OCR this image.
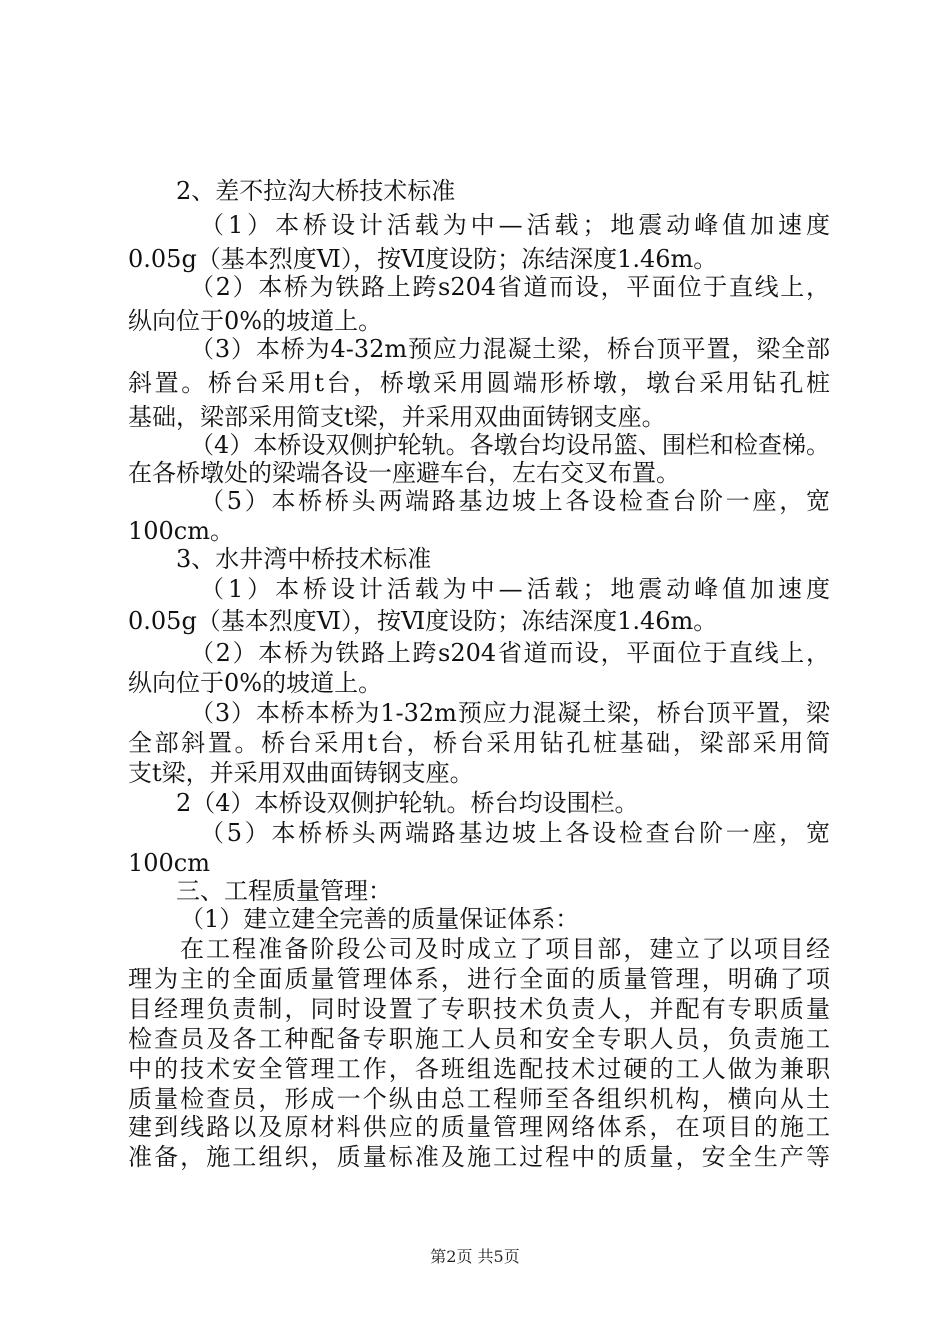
2、差不拉沟大桥技术标准
（1）本桥设计活载为中—活载；地震动峰值加速度
0.05g（基本烈度Ⅵ），按Ⅵ度设防；冻结深度1.46m。
（2）本桥为铁路上跨s204省道而设，平面位于直线上，
纵向位于0%的坡道上。
（3）本桥为4-32m预应力混凝土梁，桥台顶平置，梁全部
斜置。桥台采用t台，桥墩采用圆端形桥墩，墩台采用钻孔桩
基础，梁部采用简支t梁，并采用双曲面铸钢支座。
（4）本桥设双侧护轮轨。各墩台均设吊篮、围栏和检查梯。
在各桥墩处的梁端各设一座避车台，左右交叉布置。
（5）本桥桥头两端路基边坡上各设检查台阶一座，宽
100cm。
3、水井湾中桥技术标准
（1）本桥设计活载为中—活载；地震动峰值加速度
0.05g（基本烈度Ⅵ），按Ⅵ度设防；冻结深度1.46m。
（2）本桥为铁路上跨s204省道而设，平面位于直线上，
纵向位于0%的坡道上。
（3）本桥本桥为1-32m预应力混凝土梁，桥台顶平置，梁
全部斜置。桥台采用t台，桥台采用钻孔桩基础，梁部采用简
支t梁，并采用双曲面铸钢支座。
2（4）本桥设双侧护轮轨。桥台均设围栏。
（5）本桥桥头两端路基边坡上各设检查台阶一座，宽
100cm
三、工程质量管理：
（1）建立建全完善的质量保证体系：
在工程准备阶段公司及时成立了项目部，建立了以项目经
理为主的全面质量管理体系，进行全面的质量管理，明确了项
目经理负责制，同时设置了专职技术负责人，并配有专职质量
检查员及各工种配备专职施工人员和安全专职人员，负责施工
中的技术安全管理工作，各班组选配技术过硬的工人做为兼职
质量检查员，形成一个纵由总工程师至各组织机构，横向从土
建到线路以及原材料供应的质量管理网络体系，在项目的施工
准备，施工组织，质量标准及施工过程中的质量，安全生产等
第2页 共5页
